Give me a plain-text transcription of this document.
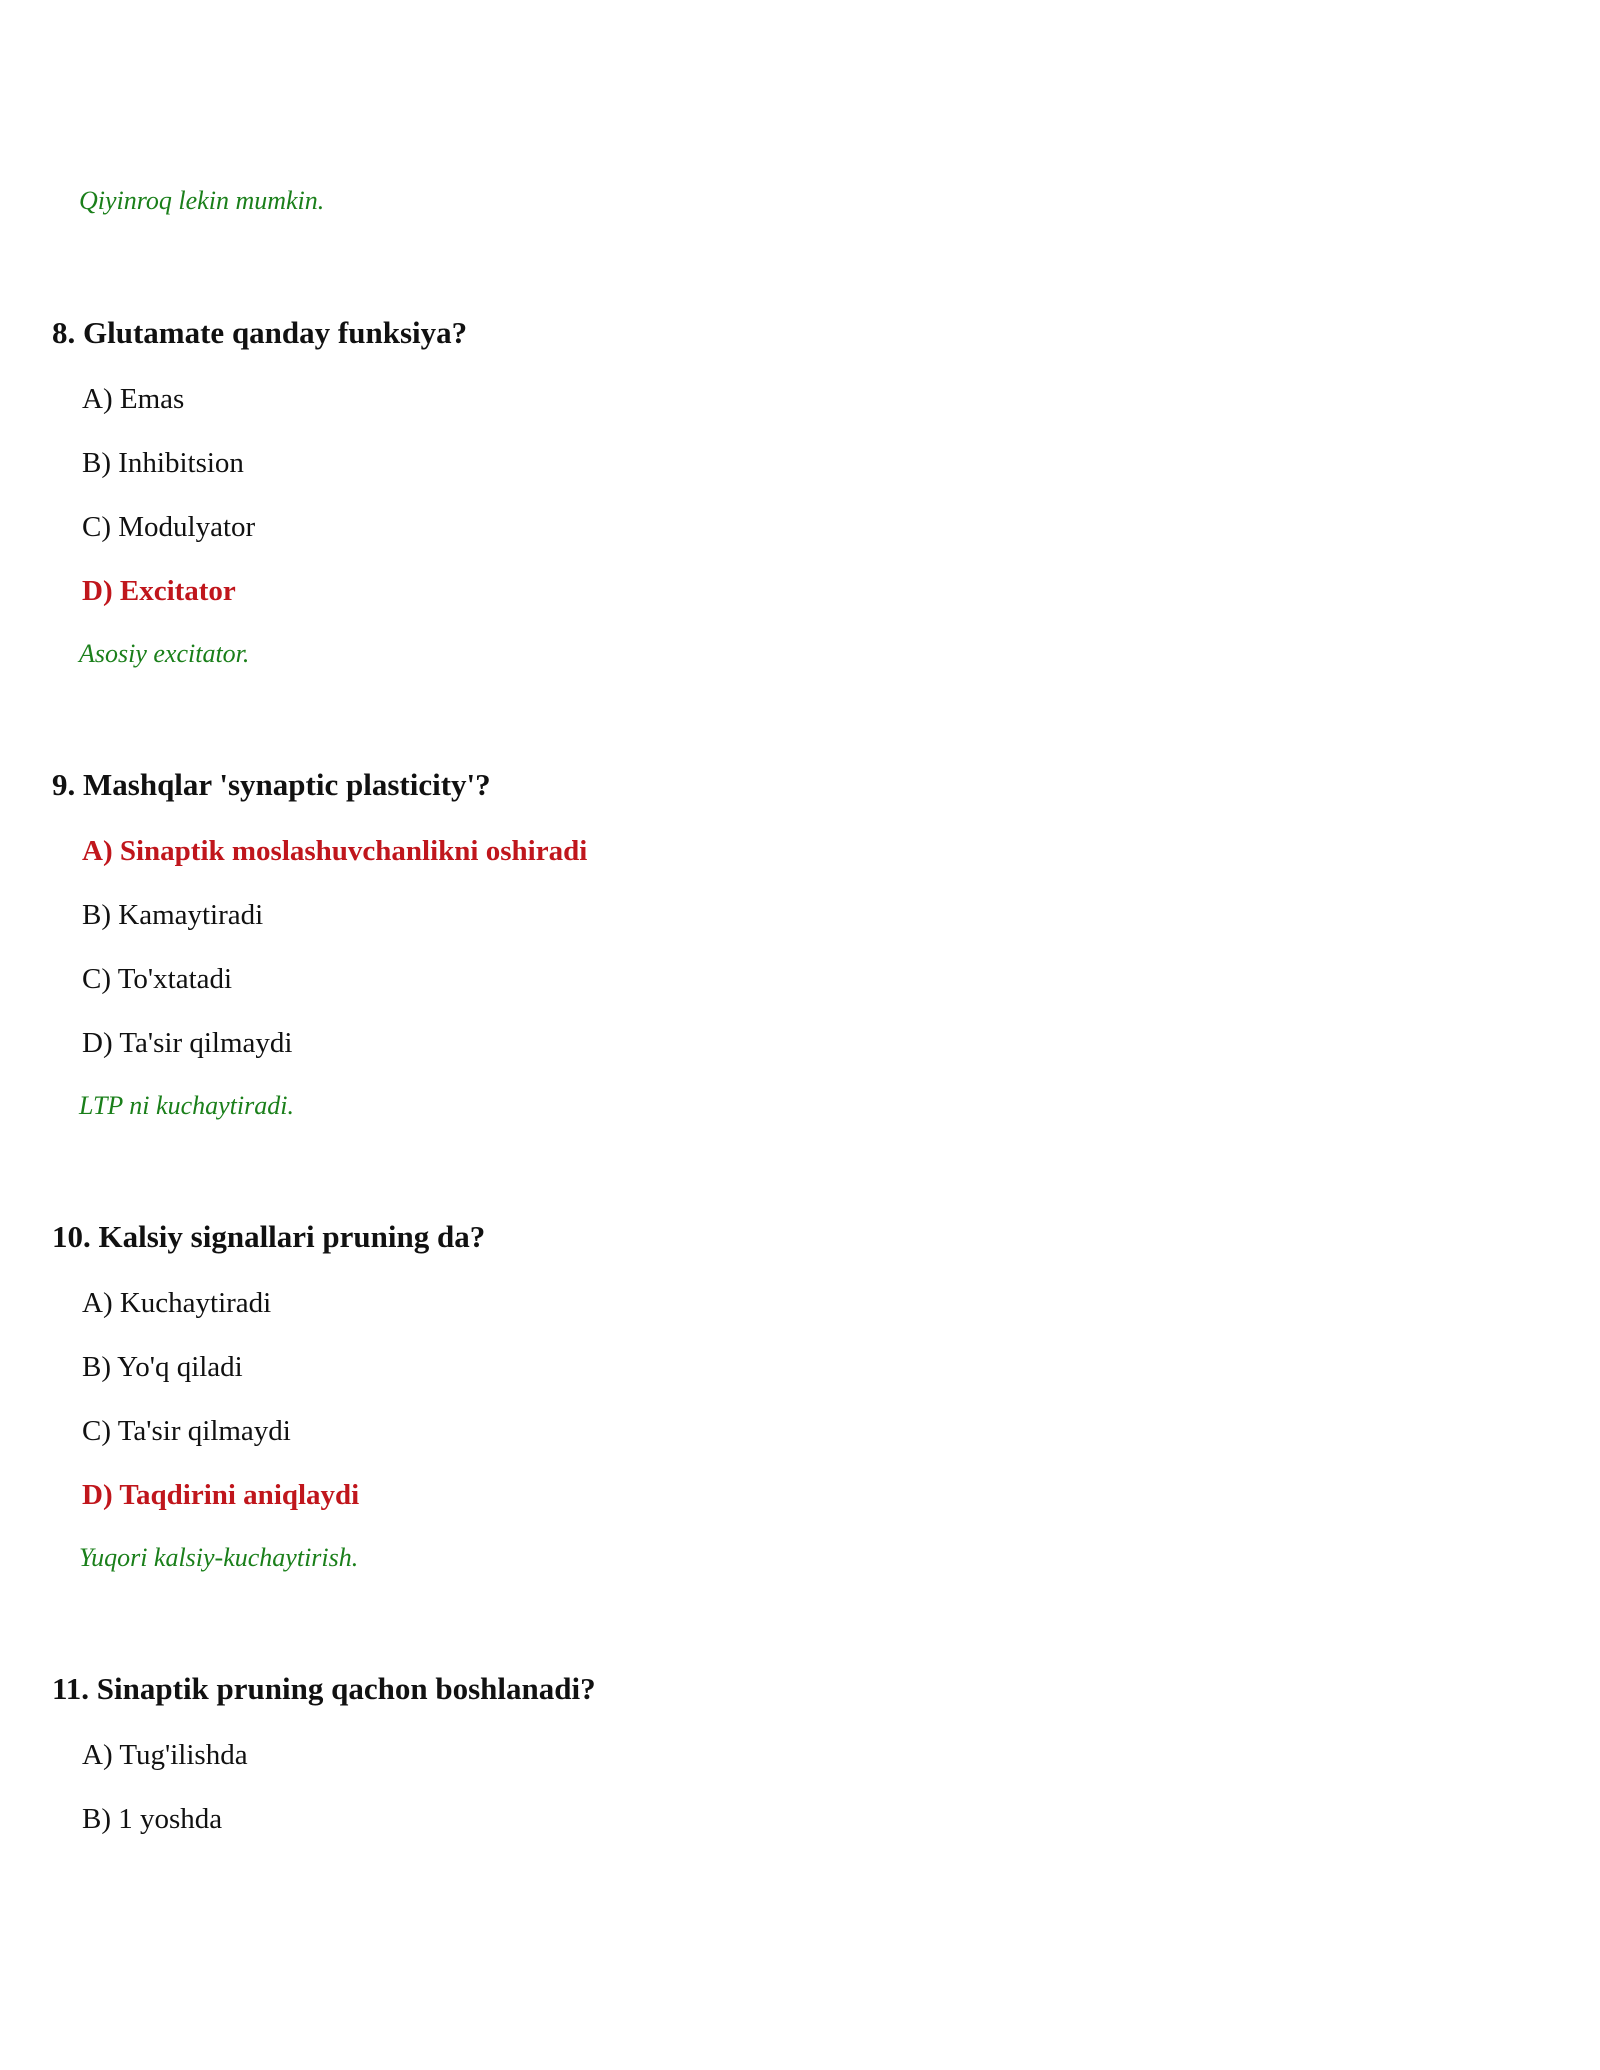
Qiyinroq lekin mumkin.
8. Glutamate qanday funksiya?
A) Emas
B) Inhibitsion
C) Modulyator
D) Excitator
Asosiy excitator.
9. Mashqlar 'synaptic plasticity'?
A) Sinaptik moslashuvchanlikni oshiradi
B) Kamaytiradi
C) To'xtatadi
D) Ta'sir qilmaydi
LTP ni kuchaytiradi.
10. Kalsiy signallari pruning da?
A) Kuchaytiradi
B) Yo'q qiladi
C) Ta'sir qilmaydi
D) Taqdirini aniqlaydi
Yuqori kalsiy-kuchaytirish.
11. Sinaptik pruning qachon boshlanadi?
A) Tug'ilishda
B) 1 yoshda
